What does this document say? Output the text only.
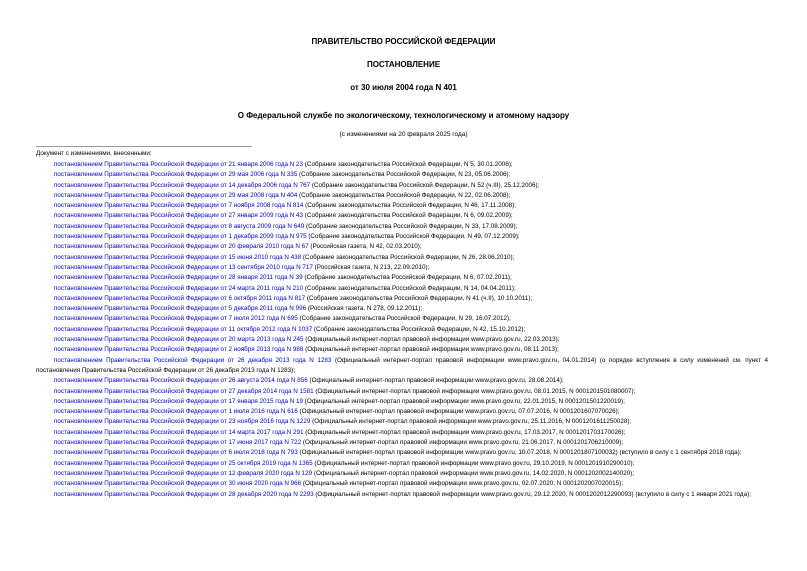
ПРАВИТЕЛЬСТВО РОССИЙСКОЙ ФЕДЕРАЦИИ
ПОСТАНОВЛЕНИЕ
от 30 июля 2004 года N 401
О Федеральной службе по экологическому, технологическому и атомному надзору
(с изменениями на 20 февраля 2025 года)
Документ с изменениями, внесенными:
постановлением Правительства Российской Федерации от 21 января 2006 года N 23 (Собрание законодательства Российской Федерации, N 5, 30.01.2006);
постановлением Правительства Российской Федерации от 29 мая 2006 года N 335 (Собрание законодательства Российской Федерации, N 23, 05.06.2006);
постановлением Правительства Российской Федерации от 14 декабря 2006 года N 767 (Собрание законодательства Российской Федерации, N 52 (ч.III), 25.12.2006);
постановлением Правительства Российской Федерации от 29 мая 2008 года N 404 (Собрание законодательства Российской Федерации, N 22, 02.06.2008);
постановлением Правительства Российской Федерации от 7 ноября 2008 года N 814 (Собрание законодательства Российской Федерации, N 46, 17.11.2008);
постановлением Правительства Российской Федерации от 27 января 2009 года N 43 (Собрание законодательства Российской Федерации, N 6, 09.02.2009);
постановлением Правительства Российской Федерации от 8 августа 2009 года N 649 (Собрание законодательства Российской Федерации, N 33, 17.08.2009);
постановлением Правительства Российской Федерации от 1 декабря 2009 года N 975 (Собрание законодательства Российской Федерации, N 49, 07.12.2009);
постановлением Правительства Российской Федерации от 20 февраля 2010 года N 67 (Российская газета, N 42, 02.03.2010);
постановлением Правительства Российской Федерации от 15 июня 2010 года N 438 (Собрание законодательства Российской Федерации, N 26, 28.06.2010);
постановлением Правительства Российской Федерации от 13 сентября 2010 года N 717 (Российская газета, N 213, 22.09.2010);
постановлением Правительства Российской Федерации от 28 января 2011 года N 39 (Собрание законодательства Российской Федерации, N 6, 07.02.2011);
постановлением Правительства Российской Федерации от 24 марта 2011 года N 210 (Собрание законодательства Российской Федерации, N 14, 04.04.2011);
постановлением Правительства Российской Федерации от 6 октября 2011 года N 817 (Собрание законодательства Российской Федерации, N 41 (ч.II), 10.10.2011);
постановлением Правительства Российской Федерации от 5 декабря 2011 года N 996 (Российская газета, N 278, 09.12.2011);
постановлением Правительства Российской Федерации от 7 июля 2012 года N 695 (Собрание законодательства Российской Федерации, N 29, 16.07.2012);
постановлением Правительства Российской Федерации от 11 октября 2012 года N 1037 (Собрание законодательства Российской Федерации, N 42, 15.10.2012);
постановлением Правительства Российской Федерации от 20 марта 2013 года N 245 (Официальный интернет-портал правовой информации www.pravo.gov.ru, 22.03.2013);
постановлением Правительства Российской Федерации от 2 ноября 2013 года N 988 (Официальный интернет-портал правовой информации www.pravo.gov.ru, 08.11.2013);
постановлением Правительства Российской Федерации от 26 декабря 2013 года N 1283 (Официальный интернет-портал правовой информации www.pravo.gov.ru, 04.01.2014) (о порядке вступления в силу изменений см. пункт 4 постановления Правительства Российской Федерации от 26 декабря 2013 года N 1283);
постановлением Правительства Российской Федерации от 26 августа 2014 года N 856 (Официальный интернет-портал правовой информации www.pravo.gov.ru, 28.08.2014);
постановлением Правительства Российской Федерации от 27 декабря 2014 года N 1581 (Официальный интернет-портал правовой информации www.pravo.gov.ru, 08.01.2015, N 0001201501080007);
постановлением Правительства Российской Федерации от 17 января 2015 года N 19 (Официальный интернет-портал правовой информации www.pravo.gov.ru, 22.01.2015, N 0001201501220019);
постановлением Правительства Российской Федерации от 1 июля 2016 года N 616 (Официальный интернет-портал правовой информации www.pravo.gov.ru, 07.07.2016, N 0001201607070026);
постановлением Правительства Российской Федерации от 23 ноября 2016 года N 1229 (Официальный интернет-портал правовой информации www.pravo.gov.ru, 25.11.2016, N 0001201611250028);
постановлением Правительства Российской Федерации от 14 марта 2017 года N 291 (Официальный интернет-портал правовой информации www.pravo.gov.ru, 17.03.2017, N 0001201703170026);
постановлением Правительства Российской Федерации от 17 июня 2017 года N 722 (Официальный интернет-портал правовой информации www.pravo.gov.ru, 21.06.2017, N 0001201706210009);
постановлением Правительства Российской Федерации от 6 июля 2018 года N 793 (Официальный интернет-портал правовой информации www.pravo.gov.ru, 10.07.2018, N 0001201807100032) (вступило в силу с 1 сентября 2018 года);
постановлением Правительства Российской Федерации от 25 октября 2019 года N 1365 (Официальный интернет-портал правовой информации www.pravo.gov.ru, 29.10.2019, N 0001201910290010);
постановлением Правительства Российской Федерации от 12 февраля 2020 года N 129 (Официальный интернет-портал правовой информации www.pravo.gov.ru, 14.02.2020, N 0001202002140020);
постановлением Правительства Российской Федерации от 30 июня 2020 года N 966 (Официальный интернет-портал правовой информации www.pravo.gov.ru, 02.07.2020, N 0001202007020015);
постановлением Правительства Российской Федерации от 28 декабря 2020 года N 2293 (Официальный интернет-портал правовой информации www.pravo.gov.ru, 29.12.2020, N 0001202012290093) (вступило в силу с 1 января 2021 года);
